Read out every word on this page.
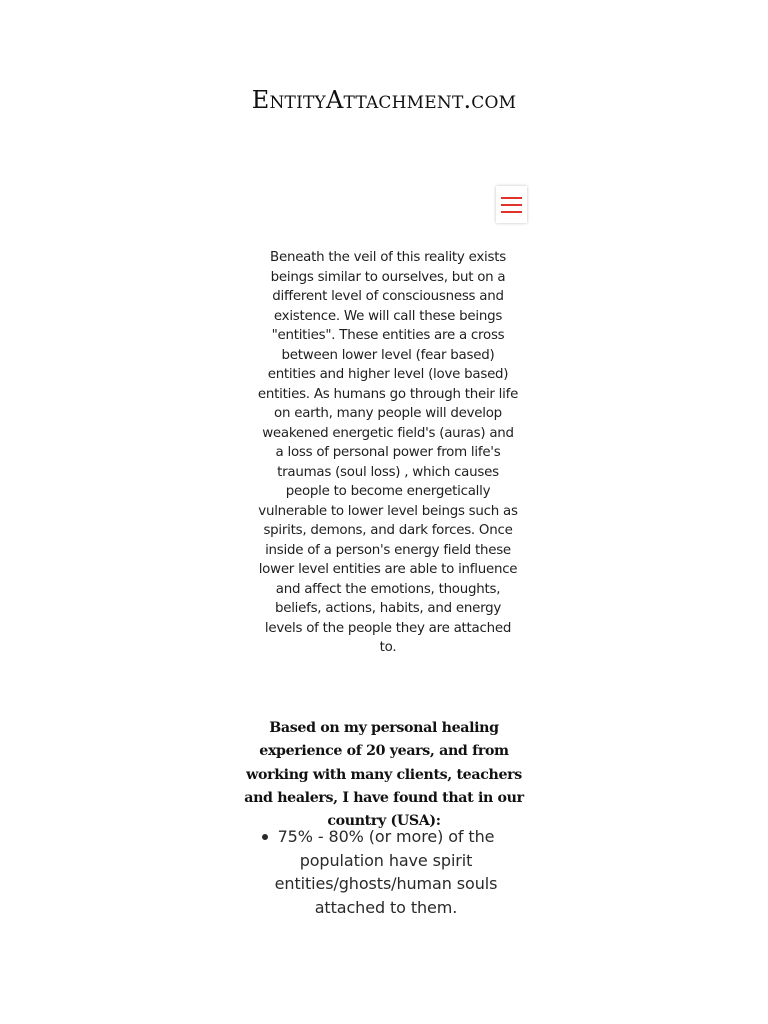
EntityAttachment.com

Beneath the veil of this reality exists beings similar to ourselves, but on a different level of consciousness and existence. We will call these beings "entities". These entities are a cross between lower level (fear based) entities and higher level (love based) entities. As humans go through their life on earth, many people will develop weakened energetic field's (auras) and a loss of personal power from life's traumas (soul loss) , which causes people to become energetically vulnerable to lower level beings such as spirits, demons, and dark forces. Once inside of a person's energy field these lower level entities are able to influence and affect the emotions, thoughts, beliefs, actions, habits, and energy levels of the people they are attached to.

Based on my personal healing experience of 20 years, and from working with many clients, teachers and healers, I have found that in our country (USA):

75% - 80% (or more) of the population have spirit entities/ghosts/human souls attached to them.
